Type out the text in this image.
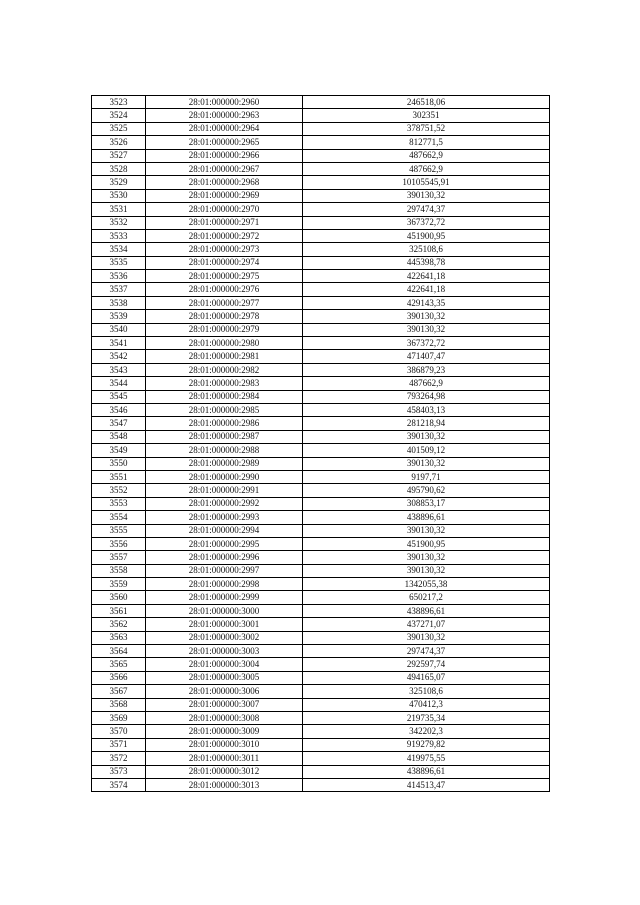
3523	28:01:000000:2960	246518,06
3524	28:01:000000:2963	302351
3525	28:01:000000:2964	378751,52
3526	28:01:000000:2965	812771,5
3527	28:01:000000:2966	487662,9
3528	28:01:000000:2967	487662,9
3529	28:01:000000:2968	10105545,91
3530	28:01:000000:2969	390130,32
3531	28:01:000000:2970	297474,37
3532	28:01:000000:2971	367372,72
3533	28:01:000000:2972	451900,95
3534	28:01:000000:2973	325108,6
3535	28:01:000000:2974	445398,78
3536	28:01:000000:2975	422641,18
3537	28:01:000000:2976	422641,18
3538	28:01:000000:2977	429143,35
3539	28:01:000000:2978	390130,32
3540	28:01:000000:2979	390130,32
3541	28:01:000000:2980	367372,72
3542	28:01:000000:2981	471407,47
3543	28:01:000000:2982	386879,23
3544	28:01:000000:2983	487662,9
3545	28:01:000000:2984	793264,98
3546	28:01:000000:2985	458403,13
3547	28:01:000000:2986	281218,94
3548	28:01:000000:2987	390130,32
3549	28:01:000000:2988	401509,12
3550	28:01:000000:2989	390130,32
3551	28:01:000000:2990	9197,71
3552	28:01:000000:2991	495790,62
3553	28:01:000000:2992	308853,17
3554	28:01:000000:2993	438896,61
3555	28:01:000000:2994	390130,32
3556	28:01:000000:2995	451900,95
3557	28:01:000000:2996	390130,32
3558	28:01:000000:2997	390130,32
3559	28:01:000000:2998	1342055,38
3560	28:01:000000:2999	650217,2
3561	28:01:000000:3000	438896,61
3562	28:01:000000:3001	437271,07
3563	28:01:000000:3002	390130,32
3564	28:01:000000:3003	297474,37
3565	28:01:000000:3004	292597,74
3566	28:01:000000:3005	494165,07
3567	28:01:000000:3006	325108,6
3568	28:01:000000:3007	470412,3
3569	28:01:000000:3008	219735,34
3570	28:01:000000:3009	342202,3
3571	28:01:000000:3010	919279,82
3572	28:01:000000:3011	419975,55
3573	28:01:000000:3012	438896,61
3574	28:01:000000:3013	414513,47
